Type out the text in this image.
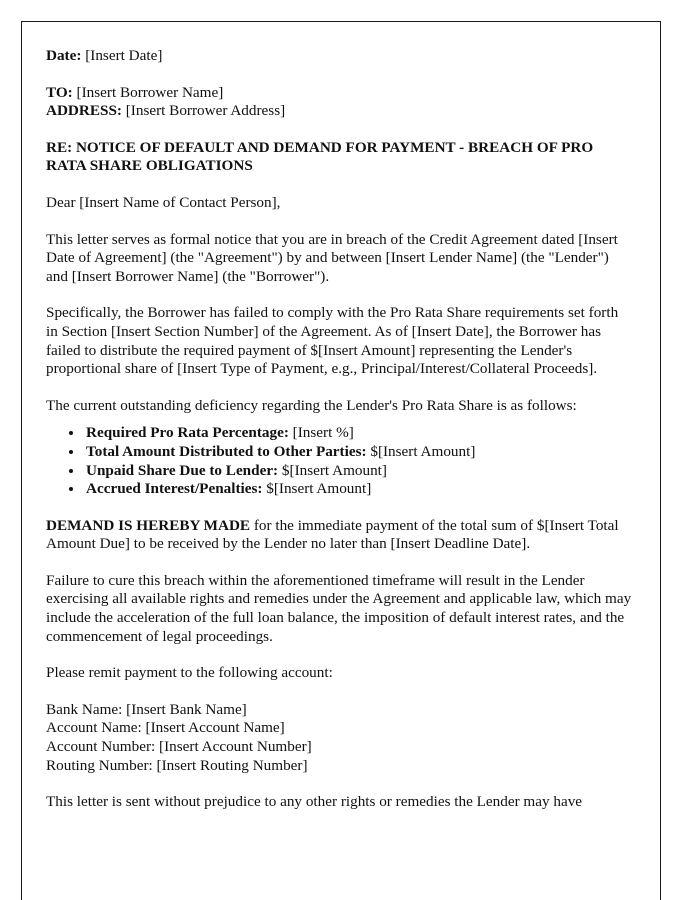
Date: [Insert Date]
TO: [Insert Borrower Name]
ADDRESS: [Insert Borrower Address]
RE: NOTICE OF DEFAULT AND DEMAND FOR PAYMENT - BREACH OF PRO RATA SHARE OBLIGATIONS
Dear [Insert Name of Contact Person],
This letter serves as formal notice that you are in breach of the Credit Agreement dated [Insert Date of Agreement] (the "Agreement") by and between [Insert Lender Name] (the "Lender") and [Insert Borrower Name] (the "Borrower").
Specifically, the Borrower has failed to comply with the Pro Rata Share requirements set forth in Section [Insert Section Number] of the Agreement. As of [Insert Date], the Borrower has failed to distribute the required payment of $[Insert Amount] representing the Lender's proportional share of [Insert Type of Payment, e.g., Principal/Interest/Collateral Proceeds].
The current outstanding deficiency regarding the Lender's Pro Rata Share is as follows:
• Required Pro Rata Percentage: [Insert %]
• Total Amount Distributed to Other Parties: $[Insert Amount]
• Unpaid Share Due to Lender: $[Insert Amount]
• Accrued Interest/Penalties: $[Insert Amount]
DEMAND IS HEREBY MADE for the immediate payment of the total sum of $[Insert Total Amount Due] to be received by the Lender no later than [Insert Deadline Date].
Failure to cure this breach within the aforementioned timeframe will result in the Lender exercising all available rights and remedies under the Agreement and applicable law, which may include the acceleration of the full loan balance, the imposition of default interest rates, and the commencement of legal proceedings.
Please remit payment to the following account:
Bank Name: [Insert Bank Name]
Account Name: [Insert Account Name]
Account Number: [Insert Account Number]
Routing Number: [Insert Routing Number]
This letter is sent without prejudice to any other rights or remedies the Lender may have
